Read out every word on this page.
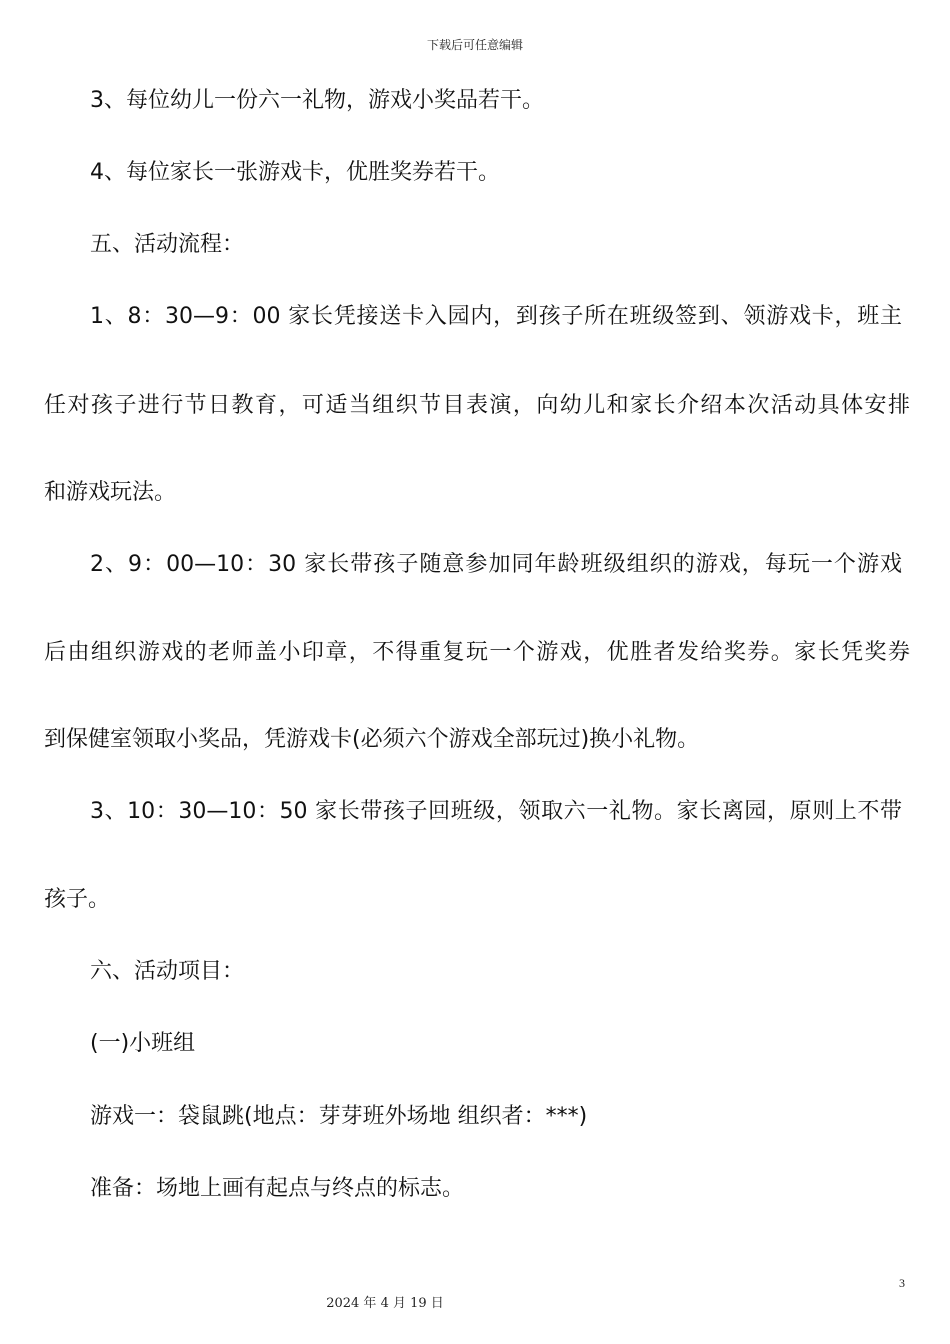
下载后可任意编辑
3、每位幼儿一份六一礼物，游戏小奖品若干。
4、每位家长一张游戏卡，优胜奖券若干。
五、活动流程：
1、8：30—9：00 家长凭接送卡入园内，到孩子所在班级签到、领游戏卡，班主
任对孩子进行节日教育，可适当组织节目表演，向幼儿和家长介绍本次活动具体安排
和游戏玩法。
2、9：00—10：30 家长带孩子随意参加同年龄班级组织的游戏，每玩一个游戏
后由组织游戏的老师盖小印章，不得重复玩一个游戏，优胜者发给奖券。家长凭奖券
到保健室领取小奖品，凭游戏卡(必须六个游戏全部玩过)换小礼物。
3、10：30—10：50 家长带孩子回班级，领取六一礼物。家长离园，原则上不带
孩子。
六、活动项目：
(一)小班组
游戏一：袋鼠跳(地点：芽芽班外场地 组织者：***)
准备：场地上画有起点与终点的标志。
3
2024 年 4 月 19 日
